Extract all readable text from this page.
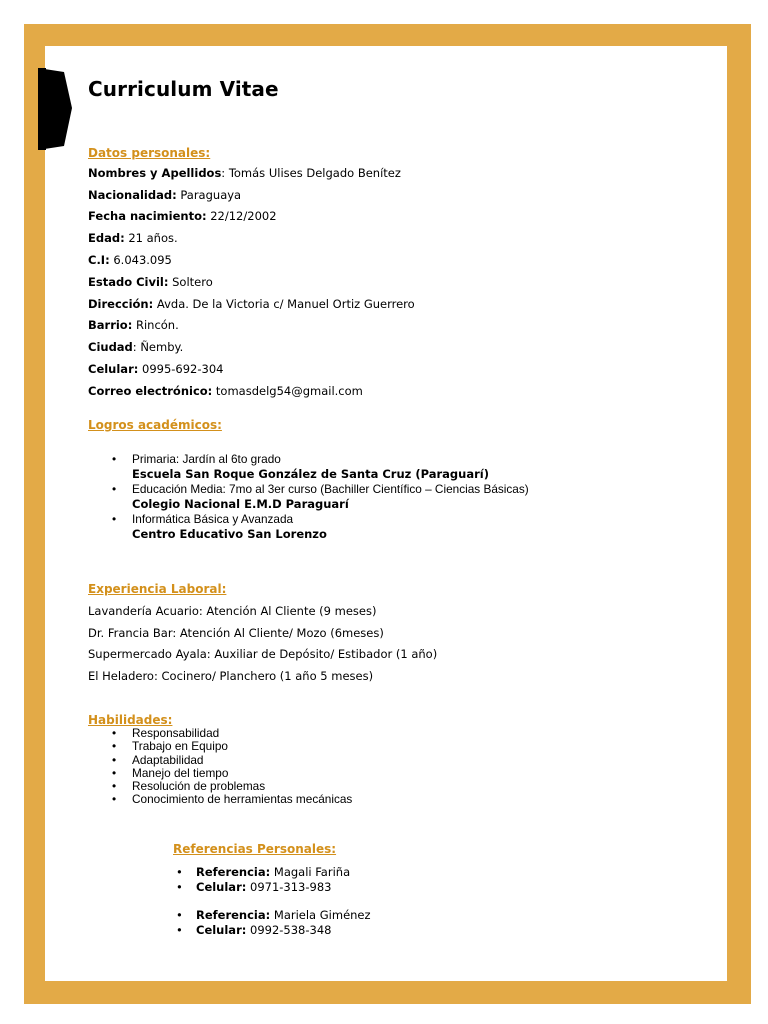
Curriculum Vitae
Datos personales:
Nombres y Apellidos: Tomás Ulises Delgado Benítez
Nacionalidad: Paraguaya
Fecha nacimiento: 22/12/2002
Edad: 21 años.
C.I: 6.043.095
Estado Civil: Soltero
Dirección: Avda. De la Victoria c/ Manuel Ortiz Guerrero
Barrio: Rincón.
Ciudad: Ñemby.
Celular: 0995-692-304
Correo electrónico: tomasdelg54@gmail.com
Logros académicos:
• Primaria: Jardín al 6to grado
Escuela San Roque González de Santa Cruz (Paraguarí)
• Educación Media: 7mo al 3er curso (Bachiller Científico – Ciencias Básicas)
Colegio Nacional E.M.D Paraguarí
• Informática Básica y Avanzada
Centro Educativo San Lorenzo
Experiencia Laboral:
Lavandería Acuario: Atención Al Cliente (9 meses)
Dr. Francia Bar: Atención Al Cliente/ Mozo (6meses)
Supermercado Ayala: Auxiliar de Depósito/ Estibador (1 año)
El Heladero: Cocinero/ Planchero (1 año 5 meses)
Habilidades:
• Responsabilidad
• Trabajo en Equipo
• Adaptabilidad
• Manejo del tiempo
• Resolución de problemas
• Conocimiento de herramientas mecánicas
Referencias Personales:
• Referencia: Magali Fariña
• Celular: 0971-313-983
• Referencia: Mariela Giménez
• Celular: 0992-538-348
